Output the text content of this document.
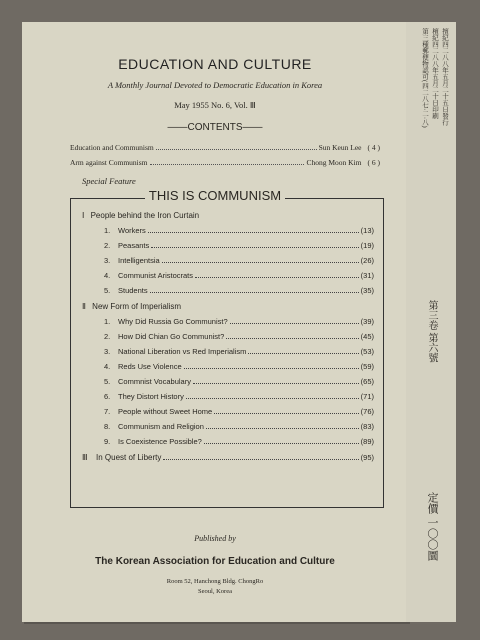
EDUCATION AND CULTURE
A Monthly Journal Devoted to Democratic Education in Korea
May 1955 No. 6, Vol. Ⅲ
——CONTENTS——
Education and Communism	Sun Keun Lee ( 4 )
Arm against Communism	Chong Moon Kim ( 6 )
Special Feature
THIS IS COMMUNISM
Ⅰ People behind the Iron Curtain
1.	Workers	(13)
2.	Peasants	(19)
3.	Intelligentsia	(26)
4.	Communist Aristocrats	(31)
5.	Students	(35)
Ⅱ New Form of Imperialism
1.	Why Did Russia Go Communist?	(39)
2.	How Did Chian Go Communist?	(45)
3.	National Liberation vs Red Imperialism	(53)
4.	Reds Use Violence	(59)
5.	Commnist Vocabulary	(65)
6.	They Distort History	(71)
7.	People without Sweet Home	(76)
8.	Communism and Religion	(83)
9.	Is Coexistence Possible?	(89)
Ⅲ	In Quest of Liberty	(95)
Published by
The Korean Association for Education and Culture
Room 52, Hanchong Bldg. ChongRo
Seoul, Korea
擅紀四二八八年五月二十五日發行
檀紀四二八八年五月二十日印刷
第三種郵便物認可(四二八七·二·八)
第三卷 第六號
定價 一〇〇圜
